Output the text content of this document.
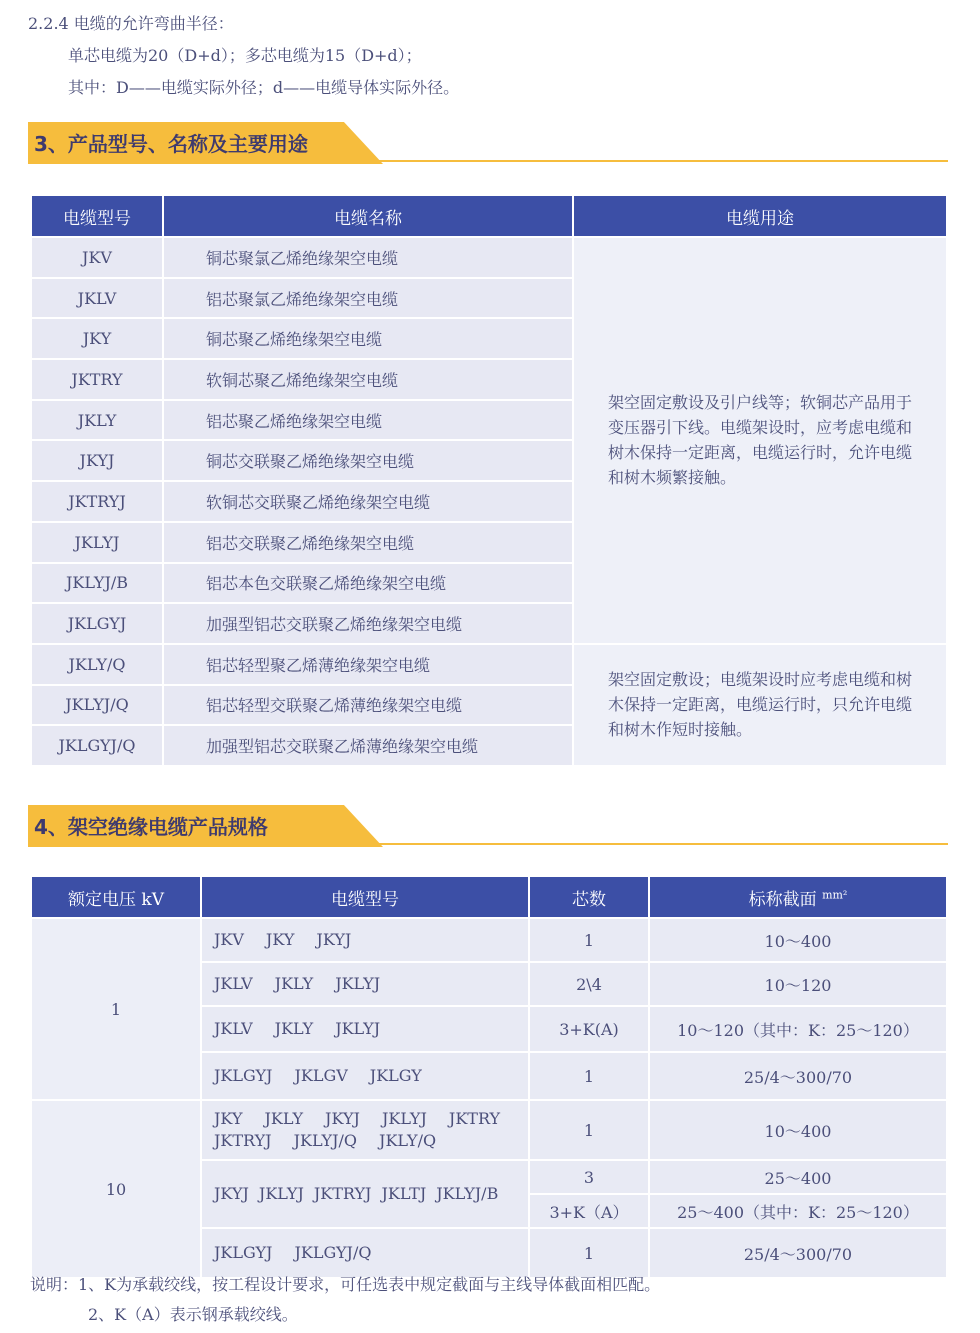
2.2.4 电缆的允许弯曲半径：
单芯电缆为20（D+d）；多芯电缆为15（D+d）；
其中：D——电缆实际外径；d——电缆导体实际外径。
3、产品型号、名称及主要用途
电缆型号	电缆名称	电缆用途
JKV	铜芯聚氯乙烯绝缘架空电缆	架空固定敷设及引户线等；软铜芯产品用于变压器引下线。电缆架设时，应考虑电缆和树木保持一定距离，电缆运行时，允许电缆和树木频繁接触。
JKLV	铝芯聚氯乙烯绝缘架空电缆	
JKY	铜芯聚乙烯绝缘架空电缆	
JKTRY	软铜芯聚乙烯绝缘架空电缆	
JKLY	铝芯聚乙烯绝缘架空电缆	
JKYJ	铜芯交联聚乙烯绝缘架空电缆	
JKTRYJ	软铜芯交联聚乙烯绝缘架空电缆	
JKLYJ	铝芯交联聚乙烯绝缘架空电缆	
JKLYJ/B	铝芯本色交联聚乙烯绝缘架空电缆	
JKLGYJ	加强型铝芯交联聚乙烯绝缘架空电缆	
JKLY/Q	铝芯轻型聚乙烯薄绝缘架空电缆	架空固定敷设；电缆架设时应考虑电缆和树木保持一定距离，电缆运行时，只允许电缆和树木作短时接触。
JKLYJ/Q	铝芯轻型交联聚乙烯薄绝缘架空电缆	
JKLGYJ/Q	加强型铝芯交联聚乙烯薄绝缘架空电缆	
4、架空绝缘电缆产品规格
额定电压 kV	电缆型号	芯数	标称截面 $^{mm^2}$
1	JKV JKY JKYJ	1	10～400
	JKLV JKLY JKLYJ	2\4	10～120
	JKLV JKLY JKLYJ	3+K(A)	10～120（其中：K：25～120）
	JKLGYJ JKLGV JKLGY	1	25/4～300/70
10	JKY JKLY JKYJ JKLYJ JKTRY
JKTRYJ JKLYJ/Q JKLY/Q	1	10～400
	JKYJ JKLYJ JKTRYJ JKLTJ JKLYJ/B	3	25～400
		3+K（A）	25～400（其中：K：25～120）
	JKLGYJ JKLGYJ/Q	1	25/4～300/70
说明：1、K为承载绞线，按工程设计要求，可任选表中规定截面与主线导体截面相匹配。
2、K（A）表示钢承载绞线。
